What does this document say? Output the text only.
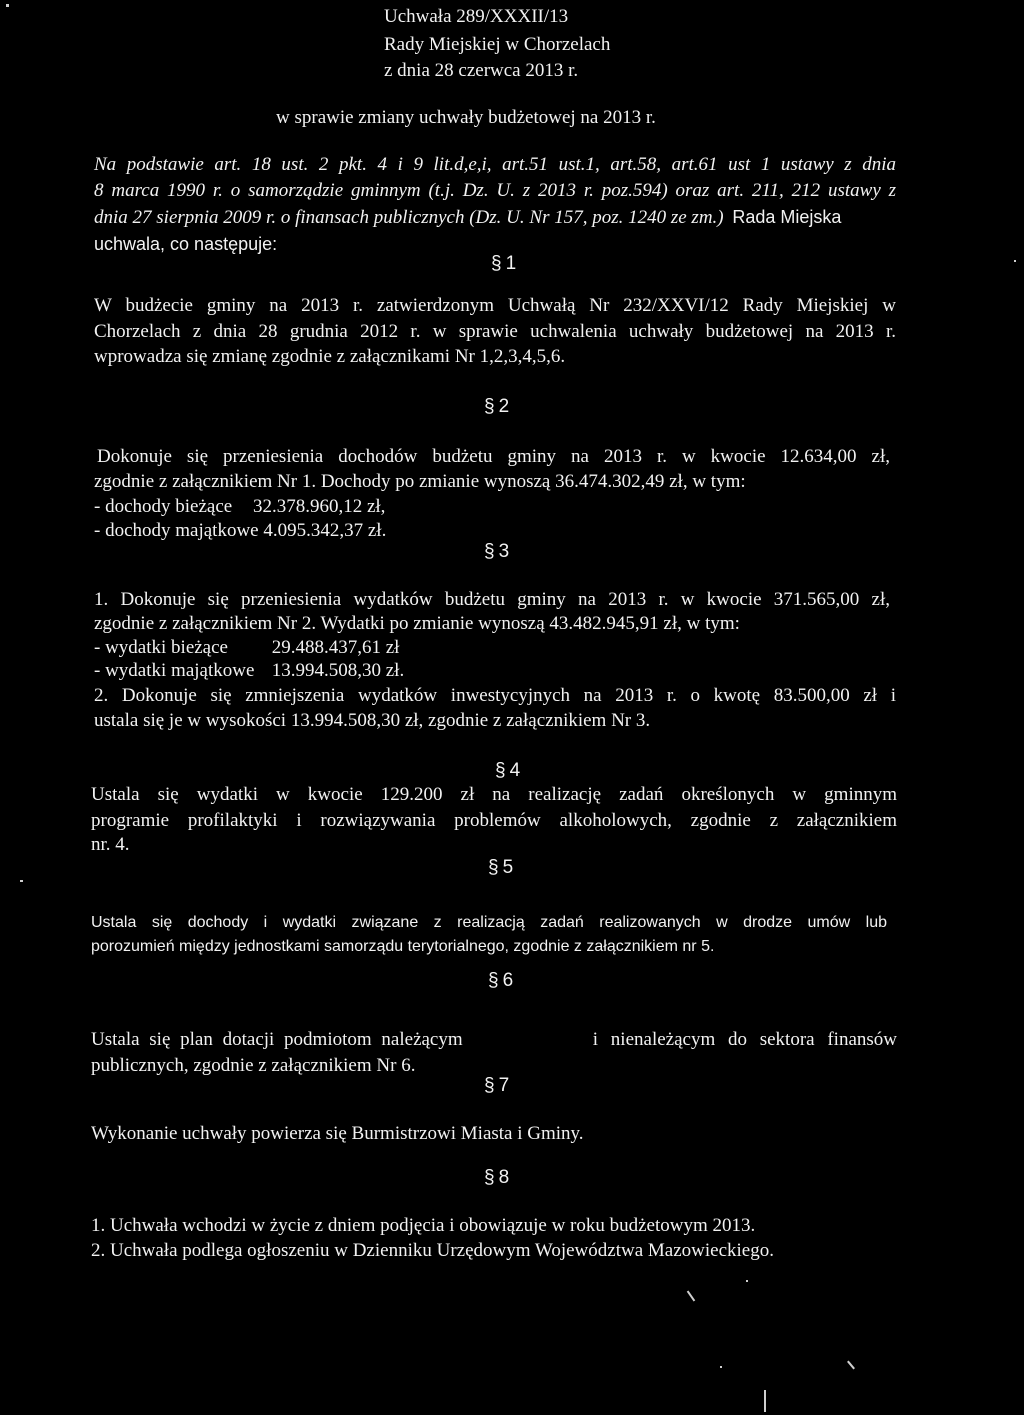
Uchwała 289/XXXII/13
Rady Miejskiej w Chorzelach
z dnia 28 czerwca 2013 r.
w sprawie zmiany uchwały budżetowej na 2013 r.
Na podstawie art. 18 ust. 2 pkt. 4 i 9 lit.d,e,i, art.51 ust.1, art.58, art.61 ust 1 ustawy z dnia
8 marca 1990 r. o samorządzie gminnym (t.j. Dz. U. z 2013 r. poz.594) oraz art. 211, 212 ustawy z
dnia 27 sierpnia 2009 r. o finansach publicznych (Dz. U. Nr 157, poz. 1240 ze zm.) Rada Miejska
uchwala, co następuje:
§ 1
W budżecie gminy na 2013 r. zatwierdzonym Uchwałą Nr 232/XXVI/12 Rady Miejskiej w
Chorzelach z dnia 28 grudnia 2012 r. w sprawie uchwalenia uchwały budżetowej na 2013 r.
wprowadza się zmianę zgodnie z załącznikami Nr 1,2,3,4,5,6.
§ 2
Dokonuje się przeniesienia dochodów budżetu gminy na 2013 r. w kwocie 12.634,00 zł,
zgodnie z załącznikiem Nr 1. Dochody po zmianie wynoszą 36.474.302,49 zł, w tym:
- dochody bieżące 32.378.960,12 zł,
- dochody majątkowe 4.095.342,37 zł.
§ 3
1. Dokonuje się przeniesienia wydatków budżetu gminy na 2013 r. w kwocie 371.565,00 zł,
zgodnie z załącznikiem Nr 2. Wydatki po zmianie wynoszą 43.482.945,91 zł, w tym:
- wydatki bieżące 29.488.437,61 zł
- wydatki majątkowe 13.994.508,30 zł.
2. Dokonuje się zmniejszenia wydatków inwestycyjnych na 2013 r. o kwotę 83.500,00 zł i
ustala się je w wysokości 13.994.508,30 zł, zgodnie z załącznikiem Nr 3.
§ 4
Ustala się wydatki w kwocie 129.200 zł na realizację zadań określonych w gminnym
programie profilaktyki i rozwiązywania problemów alkoholowych, zgodnie z załącznikiem
nr. 4.
§ 5
Ustala się dochody i wydatki związane z realizacją zadań realizowanych w drodze umów lub
porozumień między jednostkami samorządu terytorialnego, zgodnie z załącznikiem nr 5.
§ 6
Ustala się plan dotacji podmiotom należącym	i nienależącym do sektora finansów
publicznych, zgodnie z załącznikiem Nr 6.
§ 7
Wykonanie uchwały powierza się Burmistrzowi Miasta i Gminy.
§ 8
1. Uchwała wchodzi w życie z dniem podjęcia i obowiązuje w roku budżetowym 2013.
2. Uchwała podlega ogłoszeniu w Dzienniku Urzędowym Województwa Mazowieckiego.
